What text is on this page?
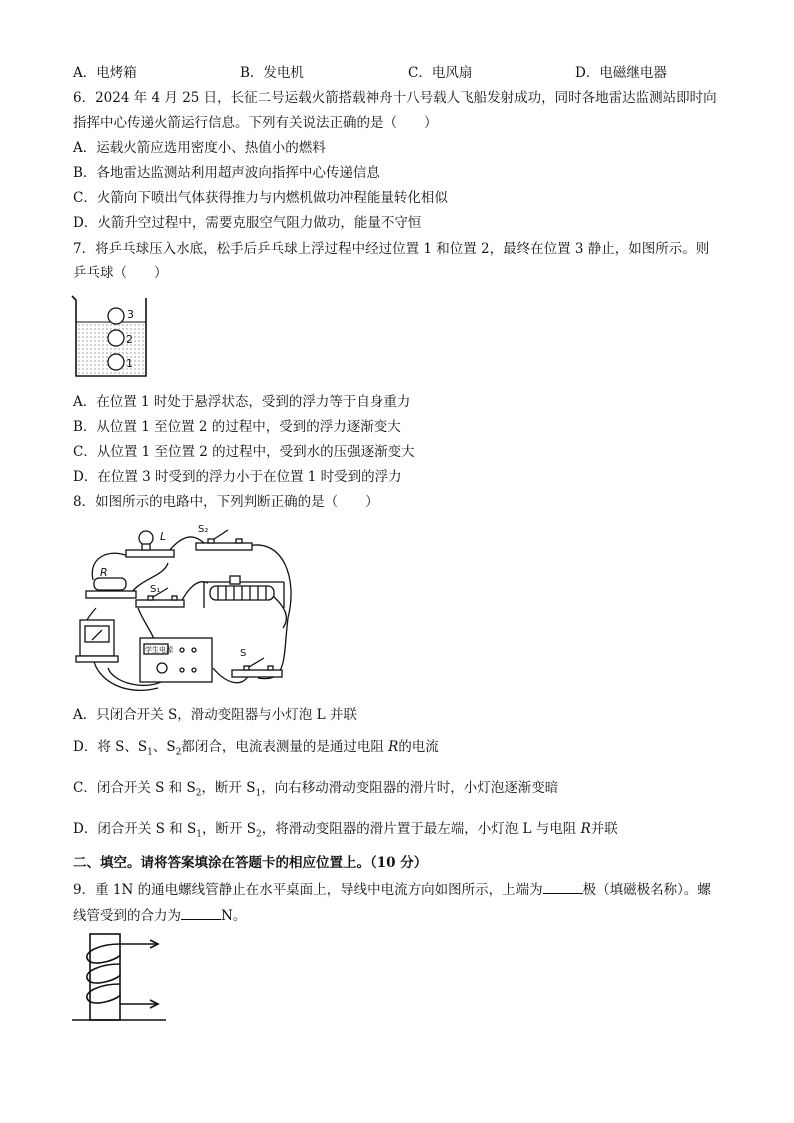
A．电烤箱	B．发电机	C．电风扇	D．电磁继电器
6．2024 年 4 月 25 日，长征二号运载火箭搭载神舟十八号载人飞船发射成功，同时各地雷达监测站即时向
指挥中心传递火箭运行信息。下列有关说法正确的是（　　）
A．运载火箭应选用密度小、热值小的燃料
B．各地雷达监测站利用超声波向指挥中心传递信息
C．火箭向下喷出气体获得推力与内燃机做功冲程能量转化相似
D．火箭升空过程中，需要克服空气阻力做功，能量不守恒
7．将乒乓球压入水底，松手后乒乓球上浮过程中经过位置 1 和位置 2，最终在位置 3 静止，如图所示。则
乒乓球（　　）
3
2
1
A．在位置 1 时处于悬浮状态，受到的浮力等于自身重力
B．从位置 1 至位置 2 的过程中，受到的浮力逐渐变大
C．从位置 1 至位置 2 的过程中，受到水的压强逐渐变大
D．在位置 3 时受到的浮力小于在位置 1 时受到的浮力
8．如图所示的电路中，下列判断正确的是（　　）
L
S₂
R
S₁
S
学生电源
A．只闭合开关 S，滑动变阻器与小灯泡 L 并联
D．将 S、$S_1$、$S_2$都闭合，电流表测量的是通过电阻 R的电流
C．闭合开关 S 和 $S_2$，断开 $S_1$，向右移动滑动变阻器的滑片时，小灯泡逐渐变暗
D．闭合开关 S 和 $S_1$，断开 $S_2$，将滑动变阻器的滑片置于最左端，小灯泡 L 与电阻 R并联
二、填空。请将答案填涂在答题卡的相应位置上。（10 分）
9．重 1N 的通电螺线管静止在水平桌面上，导线中电流方向如图所示，上端为	极（填磁极名称）。螺
线管受到的合力为	N。
